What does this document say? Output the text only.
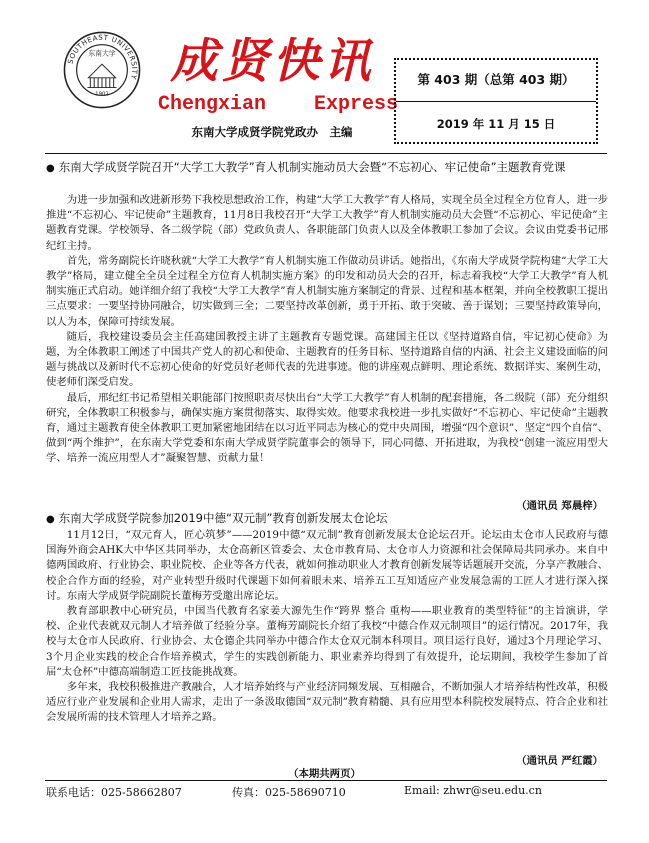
SOUTHEAST UNIVERSITY
东南大学
1902
成贤快讯
Chengxian    Express
东南大学成贤学院党政办　主编
第 403 期（总第 403 期）
2019 年 11 月 15 日
● 东南大学成贤学院召开“大学工大教学”育人机制实施动员大会暨“不忘初心、牢记使命”主题教育党课

为进一步加强和改进新形势下我校思想政治工作，构建“大学工大教学”育人格局，实现全员全过程全方位育人，进一步推进“不忘初心、牢记使命”主题教育，11月8日我校召开“大学工大教学”育人机制实施动员大会暨“不忘初心、牢记使命”主题教育党课。学校领导、各二级学院（部）党政负责人、各职能部门负责人以及全体教职工参加了会议。会议由党委书记邢纪红主持。

首先，常务副院长许晓秋就“大学工大教学”育人机制实施工作做动员讲话。她指出，《东南大学成贤学院构建“大学工大教学”格局，建立健全全员全过程全方位育人机制实施方案》的印发和动员大会的召开，标志着我校“大学工大教学”育人机制实施正式启动。她详细介绍了我校“大学工大教学”育人机制实施方案制定的背景、过程和基本框架，并向全校教职工提出三点要求：一要坚持协同融合，切实做到三全；二要坚持改革创新，勇于开拓、敢于突破、善于谋划；三要坚持政策导向，以人为本，保障可持续发展。

随后，我校建设委员会主任高建国教授主讲了主题教育专题党课。高建国主任以《坚持道路自信，牢记初心使命》为题，为全体教职工阐述了中国共产党人的初心和使命、主题教育的任务目标、坚持道路自信的内涵、社会主义建设面临的问题与挑战以及新时代不忘初心使命的好党员好老师代表的先进事迹。他的讲座观点鲜明、理论系统、数据详实、案例生动，使老师们深受启发。

最后，邢纪红书记希望相关职能部门按照职责尽快出台“大学工大教学”育人机制的配套措施，各二级院（部）充分组织研究，全体教职工积极参与，确保实施方案贯彻落实、取得实效。他要求我校进一步扎实做好“不忘初心、牢记使命”主题教育，通过主题教育使全体教职工更加紧密地团结在以习近平同志为核心的党中央周围，增强“四个意识”、坚定“四个自信”、做到“两个维护”，在东南大学党委和东南大学成贤学院董事会的领导下，同心同德、开拓进取，为我校“创建一流应用型大学、培养一流应用型人才”凝聚智慧、贡献力量！

（通讯员 郑晨梓）
● 东南大学成贤学院参加2019中德“双元制”教育创新发展太仓论坛

11月12日，“双元育人，匠心筑梦”——2019中德“双元制”教育创新发展太仓论坛召开。论坛由太仓市人民政府与德国海外商会AHK大中华区共同举办，太仓高新区管委会、太仓市教育局、太仓市人力资源和社会保障局共同承办。来自中德两国政府、行业协会、职业院校、企业等各方代表，就如何推动职业人才教育创新发展等话题展开交流，分享产教融合、校企合作方面的经验，对产业转型升级时代课题下如何着眼未来、培养五工互知适应产业发展急需的工匠人才进行深入探讨。东南大学成贤学院副院长董梅芳受邀出席论坛。

教育部职教中心研究员，中国当代教育名家姜大源先生作“跨界 整合 重构——职业教育的类型特征”的主旨演讲，学校、企业代表就双元制人才培养做了经验分享。董梅芳副院长介绍了我校“中德合作双元制项目”的运行情况。2017年，我校与太仓市人民政府、行业协会、太仓德企共同举办中德合作太仓双元制本科项目。项目运行良好，通过3个月理论学习、3个月企业实践的校企合作培养模式，学生的实践创新能力、职业素养均得到了有效提升，论坛期间，我校学生参加了首届“太仓杯”中德高端制造工匠技能挑战赛。

多年来，我校积极推进产教融合，人才培养始终与产业经济同频发展、互相融合，不断加强人才培养结构性改革，积极适应行业产业发展和企业用人需求，走出了一条汲取德国“双元制”教育精髓、具有应用型本科院校发展特点、符合企业和社会发展所需的技术管理人才培养之路。

（通讯员 严红霞）
（本期共两页）
联系电话：025-58662807	传真：025-58690710	Email: zhwr@seu.edu.cn
